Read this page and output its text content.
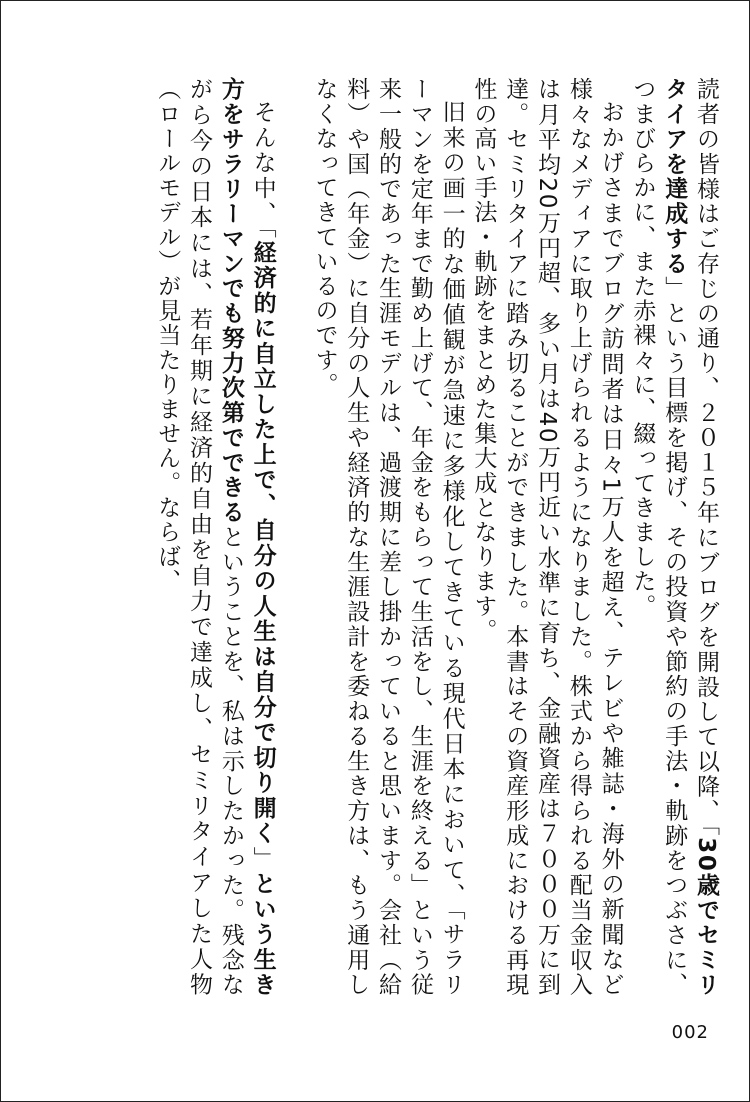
読者の皆様はご存じの通り、２０１５年にブログを開設して以降、「30歳でセミリタイアを達成する」という目標を掲げ、その投資や節約の手法・軌跡をつぶさに、つまびらかに、また赤裸々に、綴ってきました。

おかげさまでブログ訪問者は日々1万人を超え、テレビや雑誌・海外の新聞など様々なメディアに取り上げられるようになりました。株式から得られる配当金収入は月平均20万円超、多い月は40万円近い水準に育ち、金融資産は７０００万に到達。セミリタイアに踏み切ることができました。本書はその資産形成における再現性の高い手法・軌跡をまとめた集大成となります。

旧来の画一的な価値観が急速に多様化してきている現代日本において、「サラリーマンを定年まで勤め上げて、年金をもらって生活をし、生涯を終える」という従来一般的であった生涯モデルは、過渡期に差し掛かっていると思います。会社（給料）や国（年金）に自分の人生や経済的な生涯設計を委ねる生き方は、もう通用しなくなってきているのです。

そんな中、「経済的に自立した上で、自分の人生は自分で切り開く」という生き方をサラリーマンでも努力次第でできるということを、私は示したかった。残念ながら今の日本には、若年期に経済的自由を自力で達成し、セミリタイアした人物（ロールモデル）が見当たりません。ならば、

002
